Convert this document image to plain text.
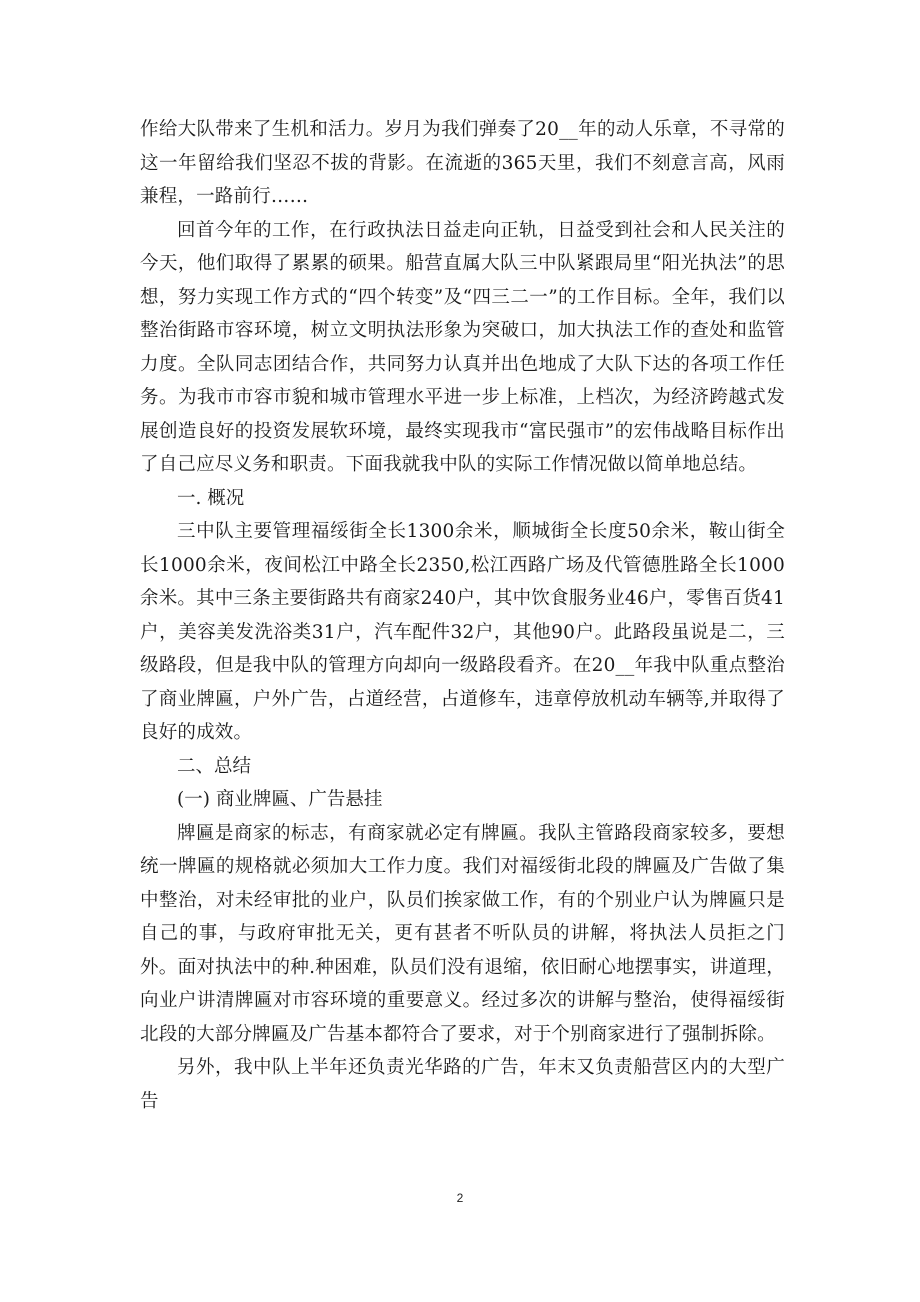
作给大队带来了生机和活力。岁月为我们弹奏了20__年的动人乐章，不寻常的这一年留给我们坚忍不拔的背影。在流逝的365天里，我们不刻意言高，风雨兼程，一路前行……

回首今年的工作，在行政执法日益走向正轨，日益受到社会和人民关注的今天，他们取得了累累的硕果。船营直属大队三中队紧跟局里“阳光执法”的思想，努力实现工作方式的“四个转变”及“四三二一”的工作目标。全年，我们以整治街路市容环境，树立文明执法形象为突破口，加大执法工作的查处和监管力度。全队同志团结合作，共同努力认真并出色地成了大队下达的各项工作任务。为我市市容市貌和城市管理水平进一步上标准，上档次，为经济跨越式发展创造良好的投资发展软环境，最终实现我市“富民强市”的宏伟战略目标作出了自己应尽义务和职责。下面我就我中队的实际工作情况做以简单地总结。

一. 概况

三中队主要管理福绥街全长1300余米，顺城街全长度50余米，鞍山街全长1000余米，夜间松江中路全长2350,松江西路广场及代管德胜路全长1000余米。其中三条主要街路共有商家240户，其中饮食服务业46户，零售百货41户，美容美发洗浴类31户，汽车配件32户，其他90户。此路段虽说是二，三级路段，但是我中队的管理方向却向一级路段看齐。在20__年我中队重点整治了商业牌匾，户外广告，占道经营，占道修车，违章停放机动车辆等,并取得了良好的成效。

二、总结

(一) 商业牌匾、广告悬挂

牌匾是商家的标志，有商家就必定有牌匾。我队主管路段商家较多，要想统一牌匾的规格就必须加大工作力度。我们对福绥街北段的牌匾及广告做了集中整治，对未经审批的业户，队员们挨家做工作，有的个别业户认为牌匾只是自己的事，与政府审批无关，更有甚者不听队员的讲解，将执法人员拒之门外。面对执法中的种.种困难，队员们没有退缩，依旧耐心地摆事实，讲道理，向业户讲清牌匾对市容环境的重要意义。经过多次的讲解与整治，使得福绥街北段的大部分牌匾及广告基本都符合了要求，对于个别商家进行了强制拆除。

另外，我中队上半年还负责光华路的广告，年末又负责船营区内的大型广告

2
